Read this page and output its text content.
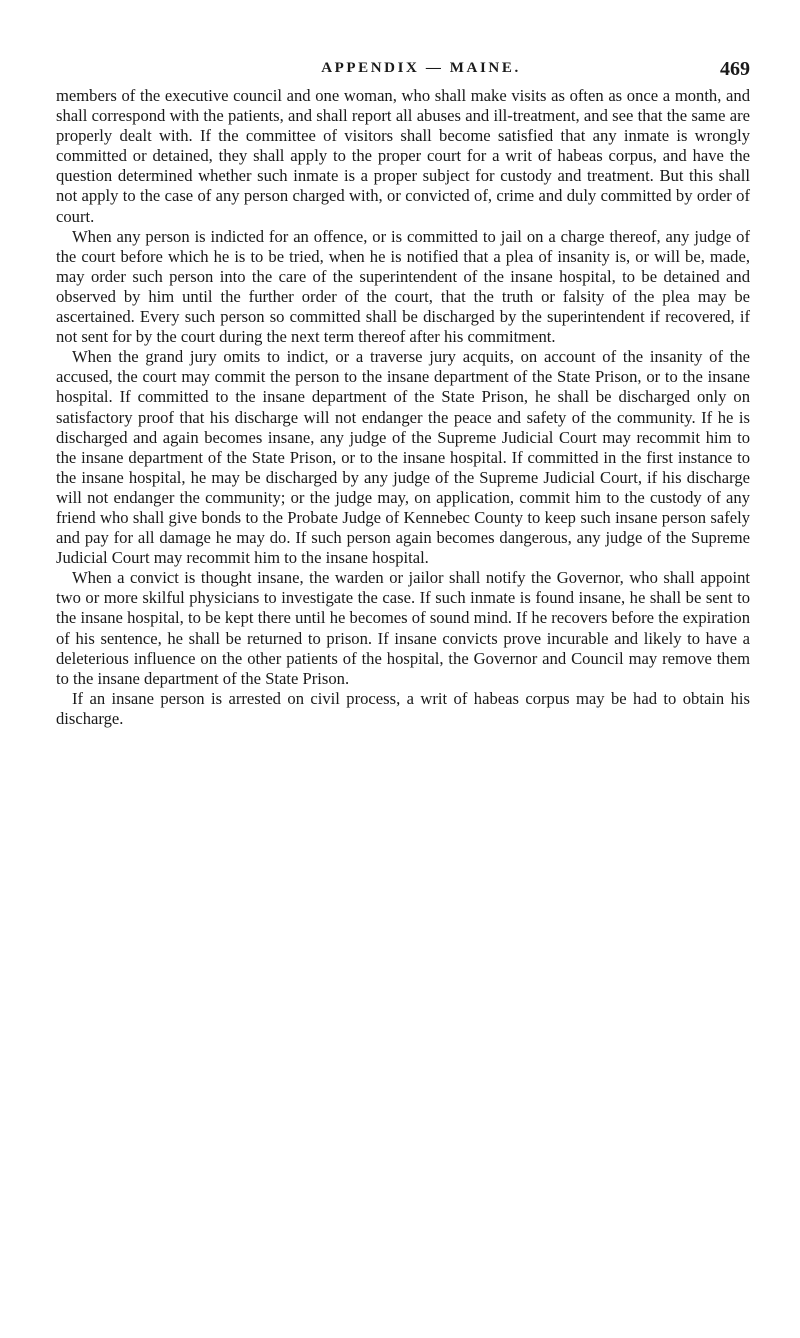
APPENDIX — MAINE.	469

members of the executive council and one woman, who shall make visits as often as once a month, and shall correspond with the patients, and shall report all abuses and ill-treatment, and see that the same are properly dealt with. If the committee of visitors shall become satisfied that any inmate is wrongly committed or detained, they shall apply to the proper court for a writ of habeas corpus, and have the question determined whether such inmate is a proper subject for custody and treatment. But this shall not apply to the case of any person charged with, or convicted of, crime and duly committed by order of court.

When any person is indicted for an offence, or is committed to jail on a charge thereof, any judge of the court before which he is to be tried, when he is notified that a plea of insanity is, or will be, made, may order such person into the care of the superintendent of the insane hospital, to be detained and observed by him until the further order of the court, that the truth or falsity of the plea may be ascertained. Every such person so committed shall be discharged by the superintendent if recovered, if not sent for by the court during the next term thereof after his commitment.

When the grand jury omits to indict, or a traverse jury acquits, on account of the insanity of the accused, the court may commit the person to the insane department of the State Prison, or to the insane hospital. If committed to the insane department of the State Prison, he shall be discharged only on satisfactory proof that his discharge will not endanger the peace and safety of the community. If he is discharged and again becomes insane, any judge of the Supreme Judicial Court may recommit him to the insane department of the State Prison, or to the insane hospital. If committed in the first instance to the insane hospital, he may be discharged by any judge of the Supreme Judicial Court, if his discharge will not endanger the community; or the judge may, on application, commit him to the custody of any friend who shall give bonds to the Probate Judge of Kennebec County to keep such insane person safely and pay for all damage he may do. If such person again becomes dangerous, any judge of the Supreme Judicial Court may recommit him to the insane hospital.

When a convict is thought insane, the warden or jailor shall notify the Governor, who shall appoint two or more skilful physicians to investigate the case. If such inmate is found insane, he shall be sent to the insane hospital, to be kept there until he becomes of sound mind. If he recovers before the expiration of his sentence, he shall be returned to prison. If insane convicts prove incurable and likely to have a deleterious influence on the other patients of the hospital, the Governor and Council may remove them to the insane department of the State Prison.

If an insane person is arrested on civil process, a writ of habeas corpus may be had to obtain his discharge.
